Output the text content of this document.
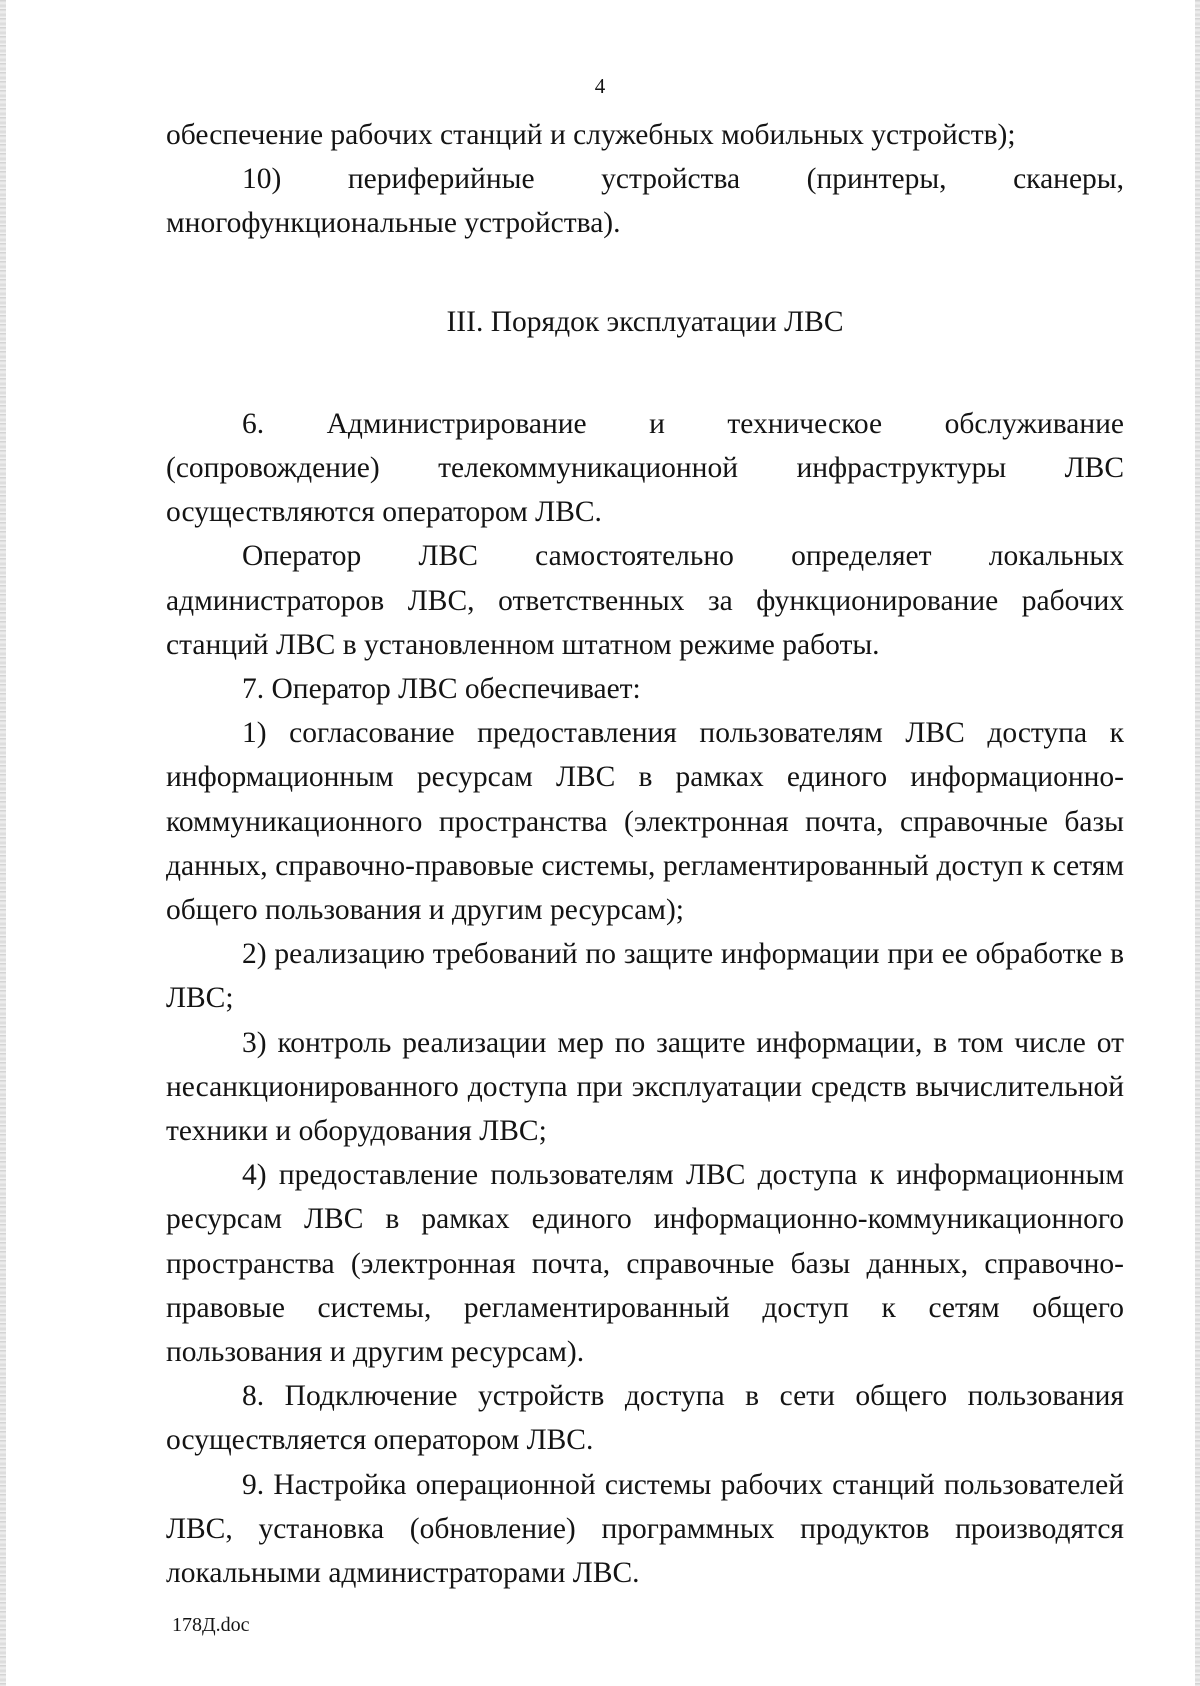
4

обеспечение рабочих станций и служебных мобильных устройств);

10) периферийные устройства (принтеры, сканеры, многофункциональные устройства).

III. Порядок эксплуатации ЛВС

6. Администрирование и техническое обслуживание (сопровождение) телекоммуникационной инфраструктуры ЛВС осуществляются оператором ЛВС.

Оператор ЛВС самостоятельно определяет локальных администраторов ЛВС, ответственных за функционирование рабочих станций ЛВС в установленном штатном режиме работы.

7. Оператор ЛВС обеспечивает:

1) согласование предоставления пользователям ЛВС доступа к информационным ресурсам ЛВС в рамках единого информационно-коммуникационного пространства (электронная почта, справочные базы данных, справочно-правовые системы, регламентированный доступ к сетям общего пользования и другим ресурсам);

2) реализацию требований по защите информации при ее обработке в ЛВС;

3) контроль реализации мер по защите информации, в том числе от несанкционированного доступа при эксплуатации средств вычислительной техники и оборудования ЛВС;

4) предоставление пользователям ЛВС доступа к информационным ресурсам ЛВС в рамках единого информационно-коммуникационного пространства (электронная почта, справочные базы данных, справочно-правовые системы, регламентированный доступ к сетям общего пользования и другим ресурсам).

8. Подключение устройств доступа в сети общего пользования осуществляется оператором ЛВС.

9. Настройка операционной системы рабочих станций пользователей ЛВС, установка (обновление) программных продуктов производятся локальными администраторами ЛВС.

178Д.doc
